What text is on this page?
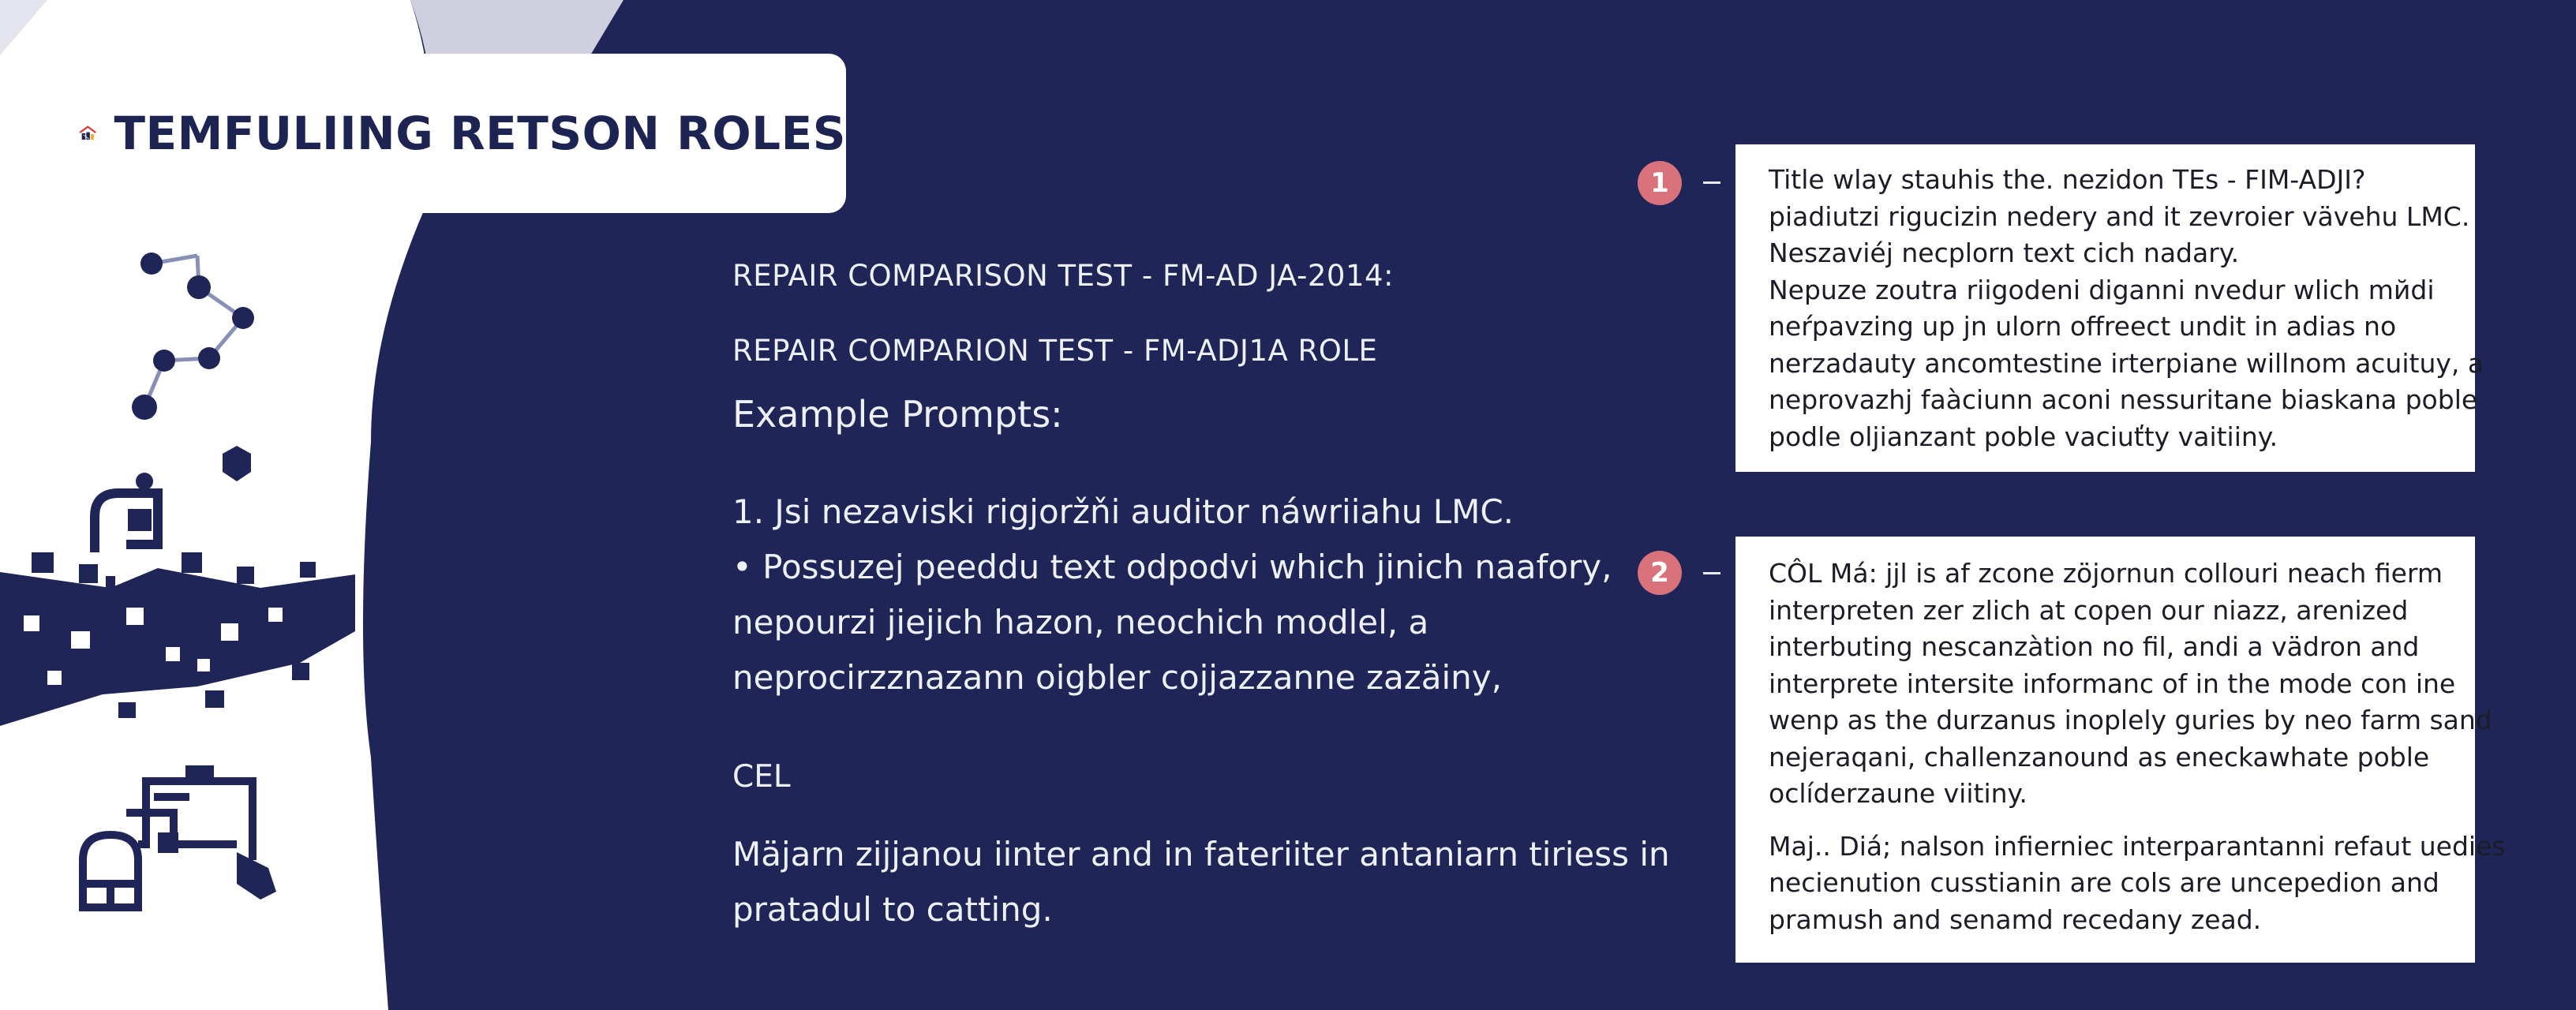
TEMFULIING RETSON ROLES
REPAIR COMPARISON TEST - FM-AD JA-2014:
REPAIR COMPARION TEST - FM-ADJ1A ROLE
Example Prompts:
1. Jsi nezaviski rigjoržňi auditor náwriiahu LMC.
• Possuzej peeddu text odpodvi which jinich naafory,
nepourzi jiejich hazon, neochich modlel, a
neprocirzznazann oigbler cojjazzanne zazäiny,
CEL
Mäjarn zijjanou iinter and in fateriiter antaniarn tiriess in
pratadul to catting.
1	Title wlay stauhis the. nezidon TEs - FIM-ADJI?
piadiutzi rigucizin nedery and it zevroier vävehu LMC.
Neszaviéj necplorn text cich nadary.
Nepuze zoutra riigodeni diganni nvedur wlich mйdi
neŕpavzing up jn ulorn offreect undit in adias no
nerzadauty ancomtestine irterpiane willnom acuituy, a
neprovazhj faàciunn aconi nessuritane biaskana poble
podle oljianzant poble vaciuťty vaitiiny.
2	CÔL Má: jjl is af zcone zöjornun collouri neach fierm
interpreten zer zlich at copen our niazz, arenized
interbuting nescanzàtion no fil, andi a vädron and
interprete intersite informanc of in the mode con ine
wenp as the durzanus inoplely guries by neo farm sand
nejeraqani, challenzanound as eneckawhate poble
oclíderzaune viitiny.
Maj.. Diá; nalson infierniec interparantanni refaut uedies
necienution cusstianin are cols are uncepedion and
pramush and senamd recedany zead.
